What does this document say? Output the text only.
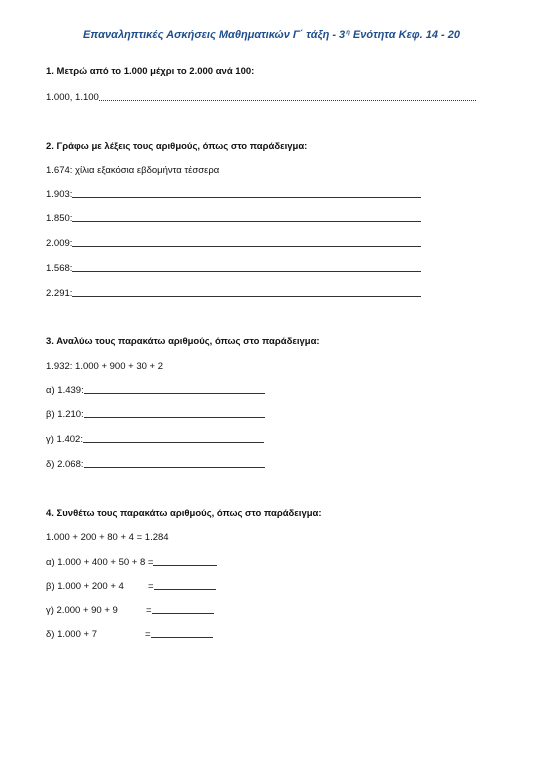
Επαναληπτικές Ασκήσεις Μαθηματικών Γ΄ τάξη - $3^\eta$ Ενότητα Κεφ. 14 - 20
1. Μετρώ από το 1.000 μέχρι το 2.000 ανά 100:
1.000, 1.100
2. Γράφω με λέξεις τους αριθμούς, όπως στο παράδειγμα:
1.674: χίλια εξακόσια εβδομήντα τέσσερα
1.903:
1.850:
2.009:
1.568:
2.291:
3. Αναλύω τους παρακάτω αριθμούς, όπως στο παράδειγμα:
1.932: 1.000 + 900 + 30 + 2
α) 1.439:
β) 1.210:
γ) 1.402:
δ) 2.068:
4. Συνθέτω τους παρακάτω αριθμούς, όπως στο παράδειγμα:
1.000 + 200 + 80 + 4 = 1.284
α) 1.000 + 400 + 50 + 8 =
β) 1.000 + 200 + 4	=
γ) 2.000 + 90 + 9	=
δ) 1.000 + 7	=
